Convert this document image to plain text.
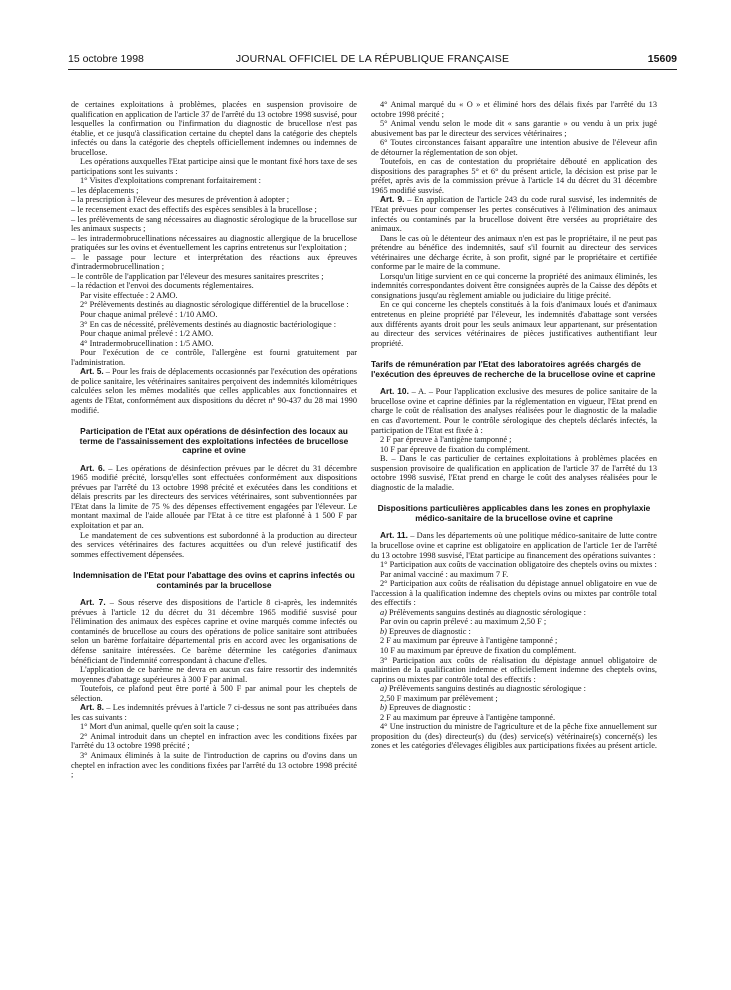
15 octobre 1998	JOURNAL OFFICIEL DE LA RÉPUBLIQUE FRANÇAISE	15609

de certaines exploitations à problèmes, placées en suspension provisoire de qualification en application de l'article 37 de l'arrêté du 13 octobre 1998 susvisé, pour lesquelles la confirmation ou l'infirmation du diagnostic de brucellose n'est pas établie, et ce jusqu'à classification certaine du cheptel dans la catégorie des cheptels infectés ou dans la catégorie des cheptels officiellement indemnes ou indemnes de brucellose.

Les opérations auxquelles l'Etat participe ainsi que le montant fixé hors taxe de ses participations sont les suivants :

1° Visites d'exploitations comprenant forfaitairement :

– les déplacements ;

– la prescription à l'éleveur des mesures de prévention à adopter ;

– le recensement exact des effectifs des espèces sensibles à la brucellose ;

– les prélèvements de sang nécessaires au diagnostic sérologique de la brucellose sur les animaux suspects ;

– les intradermobrucellinations nécessaires au diagnostic allergique de la brucellose pratiquées sur les ovins et éventuellement les caprins entretenus sur l'exploitation ;

– le passage pour lecture et interprétation des réactions aux épreuves d'intradermobrucellination ;

– le contrôle de l'application par l'éleveur des mesures sanitaires prescrites ;

– la rédaction et l'envoi des documents réglementaires.

Par visite effectuée : 2 AMO.

2° Prélèvements destinés au diagnostic sérologique différentiel de la brucellose :

Pour chaque animal prélevé : 1/10 AMO.

3° En cas de nécessité, prélèvements destinés au diagnostic bactériologique :

Pour chaque animal prélevé : 1/2 AMO.

4° Intradermobrucellination : 1/5 AMO.

Pour l'exécution de ce contrôle, l'allergène est fourni gratuitement par l'administration.

Art. 5. – Pour les frais de déplacements occasionnés par l'exécution des opérations de police sanitaire, les vétérinaires sanitaires perçoivent des indemnités kilométriques calculées selon les mêmes modalités que celles applicables aux fonctionnaires et agents de l'Etat, conformément aux dispositions du décret nº 90-437 du 28 mai 1990 modifié.

Participation de l'Etat aux opérations de désinfection des locaux au terme de l'assainissement des exploitations infectées de brucellose caprine et ovine

Art. 6. – Les opérations de désinfection prévues par le décret du 31 décembre 1965 modifié précité, lorsqu'elles sont effectuées conformément aux dispositions prévues par l'arrêté du 13 octobre 1998 précité et exécutées dans les conditions et délais prescrits par les directeurs des services vétérinaires, sont subventionnées par l'Etat dans la limite de 75 % des dépenses effectivement engagées par l'éleveur. Le montant maximal de l'aide allouée par l'Etat à ce titre est plafonné à 1 500 F par exploitation et par an.

Le mandatement de ces subventions est subordonné à la production au directeur des services vétérinaires des factures acquittées ou d'un relevé justificatif des sommes effectivement dépensées.

Indemnisation de l'Etat pour l'abattage des ovins et caprins infectés ou contaminés par la brucellose

Art. 7. – Sous réserve des dispositions de l'article 8 ci-après, les indemnités prévues à l'article 12 du décret du 31 décembre 1965 modifié susvisé pour l'élimination des animaux des espèces caprine et ovine marqués comme infectés ou contaminés de brucellose au cours des opérations de police sanitaire sont attribuées selon un barème forfaitaire départemental pris en accord avec les organisations de défense sanitaire intéressées. Ce barème détermine les catégories d'animaux bénéficiant de l'indemnité correspondant à chacune d'elles.

L'application de ce barème ne devra en aucun cas faire ressortir des indemnités moyennes d'abattage supérieures à 300 F par animal.

Toutefois, ce plafond peut être porté à 500 F par animal pour les cheptels de sélection.

Art. 8. – Les indemnités prévues à l'article 7 ci-dessus ne sont pas attribuées dans les cas suivants :

1° Mort d'un animal, quelle qu'en soit la cause ;

2° Animal introduit dans un cheptel en infraction avec les conditions fixées par l'arrêté du 13 octobre 1998 précité ;

3° Animaux éliminés à la suite de l'introduction de caprins ou d'ovins dans un cheptel en infraction avec les conditions fixées par l'arrêté du 13 octobre 1998 précité ;

4° Animal marqué du « O » et éliminé hors des délais fixés par l'arrêté du 13 octobre 1998 précité ;

5° Animal vendu selon le mode dit « sans garantie » ou vendu à un prix jugé abusivement bas par le directeur des services vétérinaires ;

6° Toutes circonstances faisant apparaître une intention abusive de l'éleveur afin de détourner la réglementation de son objet.

Toutefois, en cas de contestation du propriétaire débouté en application des dispositions des paragraphes 5° et 6° du présent article, la décision est prise par le préfet, après avis de la commission prévue à l'article 14 du décret du 31 décembre 1965 modifié susvisé.

Art. 9. – En application de l'article 243 du code rural susvisé, les indemnités de l'Etat prévues pour compenser les pertes consécutives à l'élimination des animaux infectés ou contaminés par la brucellose doivent être versées au propriétaire des animaux.

Dans le cas où le détenteur des animaux n'en est pas le propriétaire, il ne peut pas prétendre au bénéfice des indemnités, sauf s'il fournit au directeur des services vétérinaires une décharge écrite, à son profit, signé par le propriétaire et certifiée conforme par le maire de la commune.

Lorsqu'un litige survient en ce qui concerne la propriété des animaux éliminés, les indemnités correspondantes doivent être consignées auprès de la Caisse des dépôts et consignations jusqu'au règlement amiable ou judiciaire du litige précité.

En ce qui concerne les cheptels constitués à la fois d'animaux loués et d'animaux entretenus en pleine propriété par l'éleveur, les indemnités d'abattage sont versées aux différents ayants droit pour les seuls animaux leur appartenant, sur présentation au directeur des services vétérinaires de pièces justificatives authentifiant leur propriété.

Tarifs de rémunération par l'Etat des laboratoires agréés chargés de l'exécution des épreuves de recherche de la brucellose ovine et caprine

Art. 10. – A. – Pour l'application exclusive des mesures de police sanitaire de la brucellose ovine et caprine définies par la réglementation en vigueur, l'Etat prend en charge le coût de réalisation des analyses réalisées pour le diagnostic de la maladie en cas d'avortement. Pour le contrôle sérologique des cheptels déclarés infectés, la participation de l'Etat est fixée à :

2 F par épreuve à l'antigène tamponné ;

10 F par épreuve de fixation du complément.

B. – Dans le cas particulier de certaines exploitations à problèmes placées en suspension provisoire de qualification en application de l'article 37 de l'arrêté du 13 octobre 1998 susvisé, l'Etat prend en charge le coût des analyses réalisées pour le diagnostic de la maladie.

Dispositions particulières applicables dans les zones en prophylaxie médico-sanitaire de la brucellose ovine et caprine

Art. 11. – Dans les départements où une politique médico-sanitaire de lutte contre la brucellose ovine et caprine est obligatoire en application de l'article 1er de l'arrêté du 13 octobre 1998 susvisé, l'Etat participe au financement des opérations suivantes :

1° Participation aux coûts de vaccination obligatoire des cheptels ovins ou mixtes :

Par animal vacciné : au maximum 7 F.

2° Participation aux coûts de réalisation du dépistage annuel obligatoire en vue de l'accession à la qualification indemne des cheptels ovins ou mixtes par contrôle total des effectifs :

a) Prélèvements sanguins destinés au diagnostic sérologique :

Par ovin ou caprin prélevé : au maximum 2,50 F ;

b) Epreuves de diagnostic :

2 F au maximum par épreuve à l'antigène tamponné ;

10 F au maximum par épreuve de fixation du complément.

3° Participation aux coûts de réalisation du dépistage annuel obligatoire de maintien de la qualification indemne et officiellement indemne des cheptels ovins, caprins ou mixtes par contrôle total des effectifs :

a) Prélèvements sanguins destinés au diagnostic sérologique :

2,50 F maximum par prélèvement ;

b) Epreuves de diagnostic :

2 F au maximum par épreuve à l'antigène tamponné.

4° Une instruction du ministre de l'agriculture et de la pêche fixe annuellement sur proposition du (des) directeur(s) du (des) service(s) vétérinaire(s) concerné(s) les zones et les catégories d'élevages éligibles aux participations fixées au présent article.
